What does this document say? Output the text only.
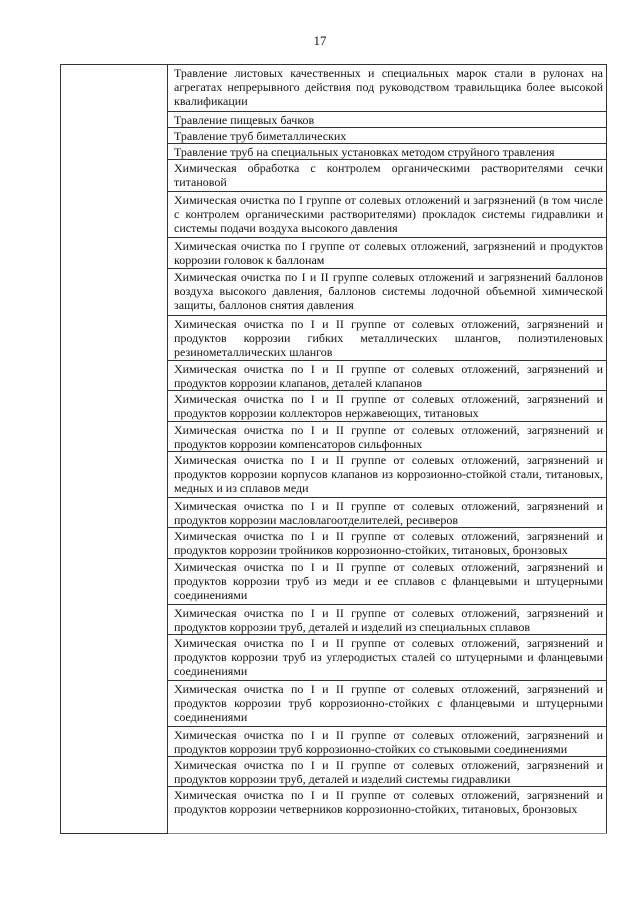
17
	Травление листовых качественных и специальных марок стали в рулонах на агрегатах непрерывного действия под руководством травильщика более высокой квалификации
Травление пищевых бачков
Травление труб биметаллических
Травление труб на специальных установках методом струйного травления
Химическая обработка с контролем органическими растворителями сечки титановой
Химическая очистка по I группе от солевых отложений и загрязнений (в том числе с контролем органическими растворителями) прокладок системы гидравлики и системы подачи воздуха высокого давления
Химическая очистка по I группе от солевых отложений, загрязнений и продуктов коррозии головок к баллонам
Химическая очистка по I и II группе солевых отложений и загрязнений баллонов воздуха высокого давления, баллонов системы лодочной объемной химической защиты, баллонов снятия давления
Химическая очистка по I и II группе от солевых отложений, загрязнений и продуктов коррозии гибких металлических шлангов, полиэтиленовых резинометаллических шлангов
Химическая очистка по I и II группе от солевых отложений, загрязнений и продуктов коррозии клапанов, деталей клапанов
Химическая очистка по I и II группе от солевых отложений, загрязнений и продуктов коррозии коллекторов нержавеющих, титановых
Химическая очистка по I и II группе от солевых отложений, загрязнений и продуктов коррозии компенсаторов сильфонных
Химическая очистка по I и II группе от солевых отложений, загрязнений и продуктов коррозии корпусов клапанов из коррозионно-стойкой стали, титановых, медных и из сплавов меди
Химическая очистка по I и II группе от солевых отложений, загрязнений и продуктов коррозии масловлагоотделителей, ресиверов
Химическая очистка по I и II группе от солевых отложений, загрязнений и продуктов коррозии тройников коррозионно-стойких, титановых, бронзовых
Химическая очистка по I и II группе от солевых отложений, загрязнений и продуктов коррозии труб из меди и ее сплавов с фланцевыми и штуцерными соединениями
Химическая очистка по I и II группе от солевых отложений, загрязнений и продуктов коррозии труб, деталей и изделий из специальных сплавов
Химическая очистка по I и II группе от солевых отложений, загрязнений и продуктов коррозии труб из углеродистых сталей со штуцерными и фланцевыми соединениями
Химическая очистка по I и II группе от солевых отложений, загрязнений и продуктов коррозии труб коррозионно-стойких с фланцевыми и штуцерными соединениями
Химическая очистка по I и II группе от солевых отложений, загрязнений и продуктов коррозии труб коррозионно-стойких со стыковыми соединениями
Химическая очистка по I и II группе от солевых отложений, загрязнений и продуктов коррозии труб, деталей и изделий системы гидравлики
Химическая очистка по I и II группе от солевых отложений, загрязнений и продуктов коррозии четверников коррозионно-стойких, титановых, бронзовых
